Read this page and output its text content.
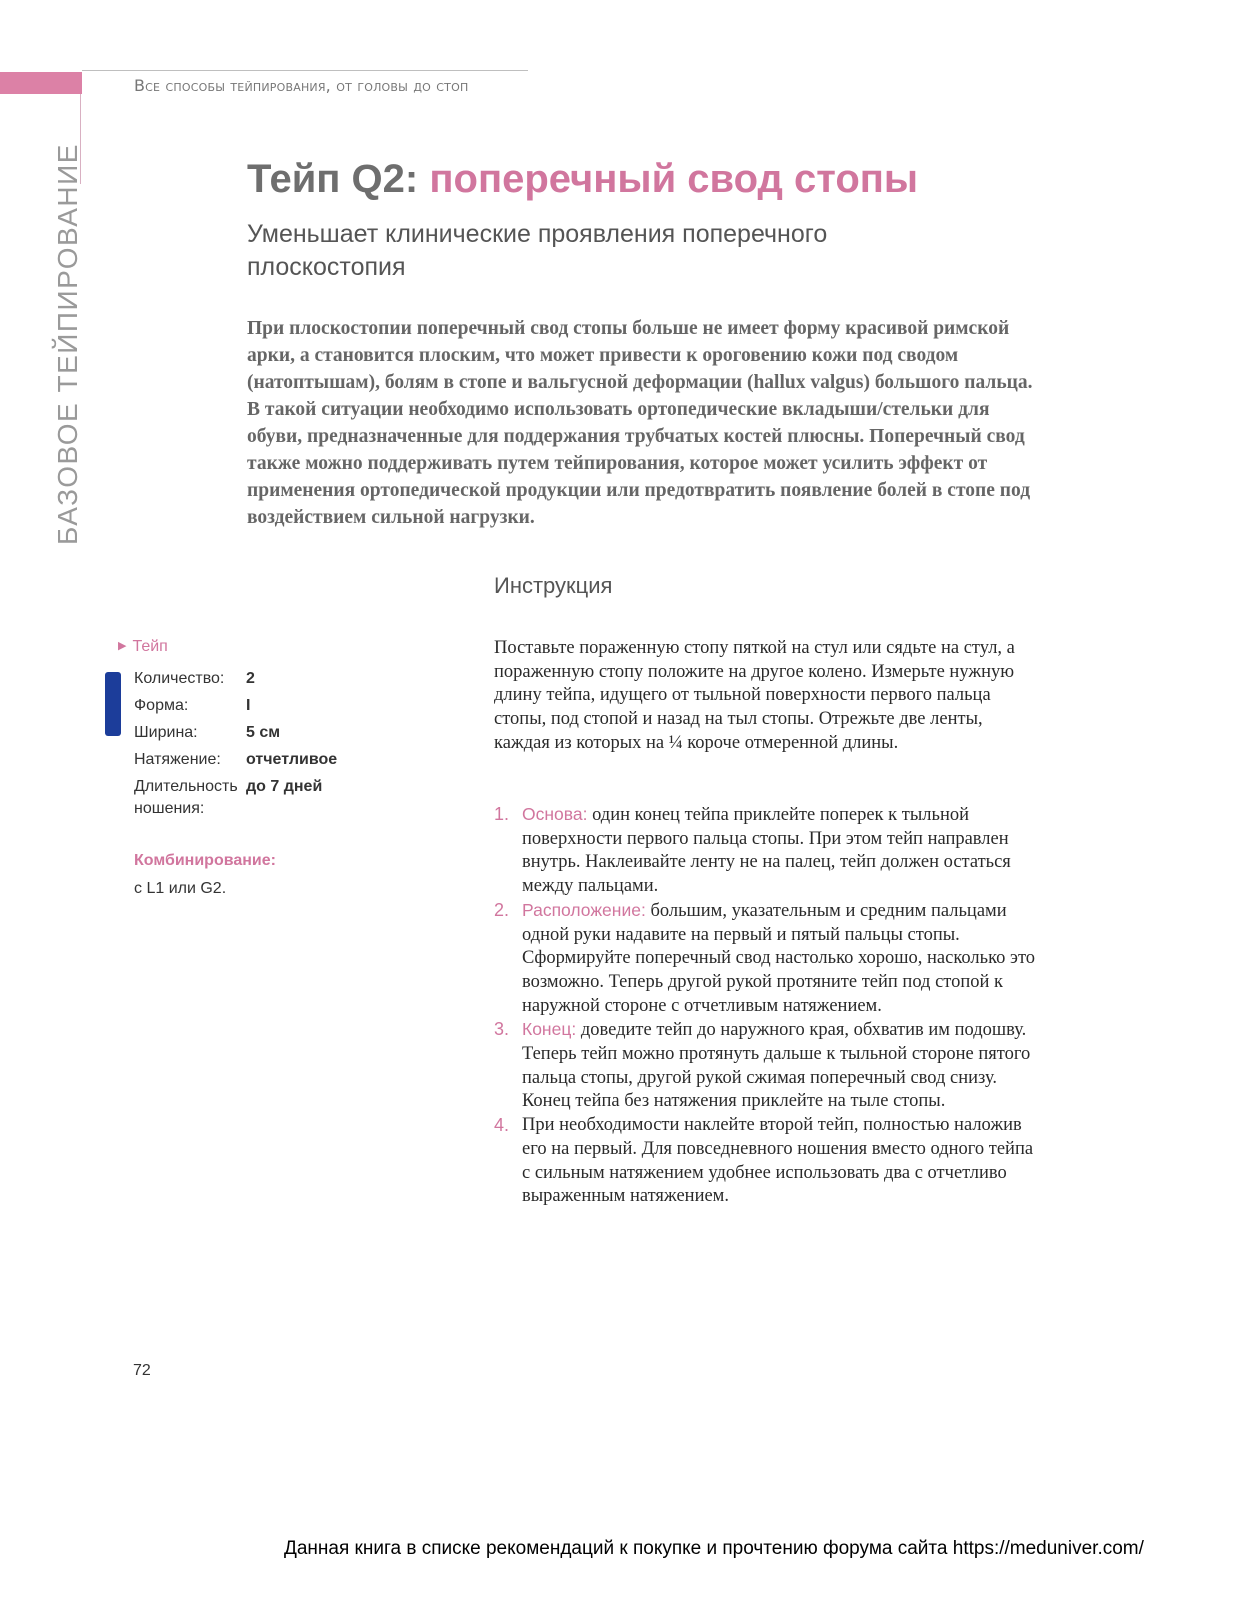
Все способы тейпирования, от головы до стоп
БАЗОВОЕ ТЕЙПИРОВАНИЕ	Тейп Q2: поперечный свод стопы
Уменьшает клинические проявления поперечного плоскостопия
При плоскостопии поперечный свод стопы больше не имеет форму красивой римской арки, а становится плоским, что может привести к ороговению кожи под сводом (натоптышам), болям в стопе и вальгусной деформации (hallux valgus) большого пальца. В такой ситуации необходимо использовать ортопедические вкладыши/стельки для обуви, предназначенные для поддержания трубчатых костей плюсны. Поперечный свод также можно поддерживать путем тейпирования, которое может усилить эффект от применения ортопедической продукции или предотвратить появление болей в стопе под воздействием сильной нагрузки.
Инструкция
▶ Тейп
Количество:	2
Форма:	I
Ширина:	5 см
Натяжение:	отчетливое
Длительность ношения:
до 7 дней
Комбинирование:
с L1 или G2.
Поставьте пораженную стопу пяткой на стул или сядьте на стул, а пораженную стопу положите на другое колено. Измерьте нужную длину тейпа, идущего от тыльной поверхности первого пальца стопы, под стопой и назад на тыл стопы. Отрежьте две ленты, каждая из которых на ¼ короче отмеренной длины.
1. Основа: один конец тейпа приклейте поперек к тыльной поверхности первого пальца стопы. При этом тейп направлен внутрь. Наклеивайте ленту не на палец, тейп должен остаться между пальцами.
2. Расположение: большим, указательным и средним пальцами одной руки надавите на первый и пятый пальцы стопы. Сформируйте поперечный свод настолько хорошо, насколько это возможно. Теперь другой рукой протяните тейп под стопой к наружной стороне с отчетливым натяжением.
3. Конец: доведите тейп до наружного края, обхватив им подошву. Теперь тейп можно протянуть дальше к тыльной стороне пятого пальца стопы, другой рукой сжимая поперечный свод снизу. Конец тейпа без натяжения приклейте на тыле стопы.
4. При необходимости наклейте второй тейп, полностью наложив его на первый. Для повседневного ношения вместо одного тейпа с сильным натяжением удобнее использовать два с отчетливо выраженным натяжением.
72
Данная книга в списке рекомендаций к покупке и прочтению форума сайта https://meduniver.com/
